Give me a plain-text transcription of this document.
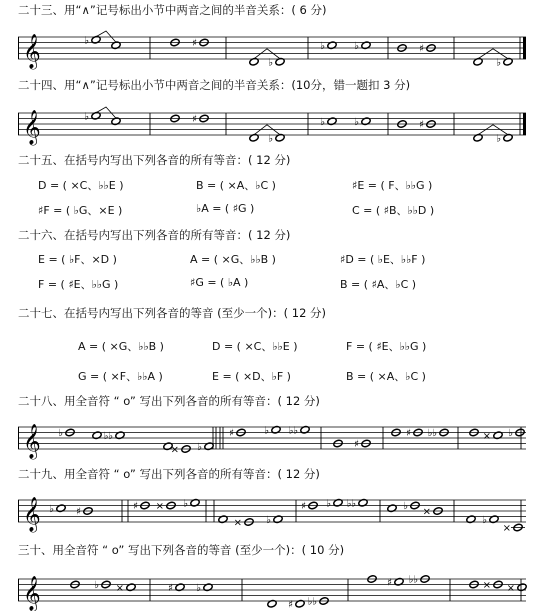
二十三、用“∧”记号标出小节中两音之间的半音关系：( 6 分)
𝄞	♭	♯
♭
♭	♭	♯
♭
二十四、用“∧”记号标出小节中两音之间的半音关系：(10分，错一题扣 3 分)
𝄞	♭	♯
♭
♭	♭	♯
♭
二十五、在括号内写出下列各音的所有等音：( 12 分)
D = ( ×C、♭♭E )	B = ( ×A、♭C )	♯E = ( F、♭♭G )
♯F = ( ♭G、×E )	♭A = ( ♯G )	C = ( ♯B、♭♭D )
二十六、在括号内写出下列各音的所有等音：( 12 分)
E = ( ♭F、×D )	A = ( ×G、♭♭B )	♯D = ( ♭E、♭♭F )
F = ( ♯E、♭♭G )	♯G = ( ♭A )	B = ( ♯A、♭C )
二十七、在括号内写出下列各音的等音 (至少一个)：( 12 分)
A = ( ×G、♭♭B )	D = ( ×C、♭♭E )	F = ( ♯E、♭♭G )
G = ( ×F、♭♭A )	E = ( ×D、♭F )	B = ( ×A、♭C )
二十八、用全音符 “ o” 写出下列各音的所有等音：( 12 分)
𝄞 ♭	♭♭
× ♭
♯	♭ ♭♭
♯
♯ ♭♭	× ♭
二十九、用全音符 “ o” 写出下列各音的所有等音：( 12 分)
𝄞 ♭ ♯	♯ × ♭
× ♭
♯ ♭ ♭♭	♭ ×
♭
×
三十、用全音符 “ o” 写出下列各音的等音 (至少一个)：( 10 分)
𝄞	♭ ×	♯ ♭
♯ ♭♭
♯ ♭♭	× ×
